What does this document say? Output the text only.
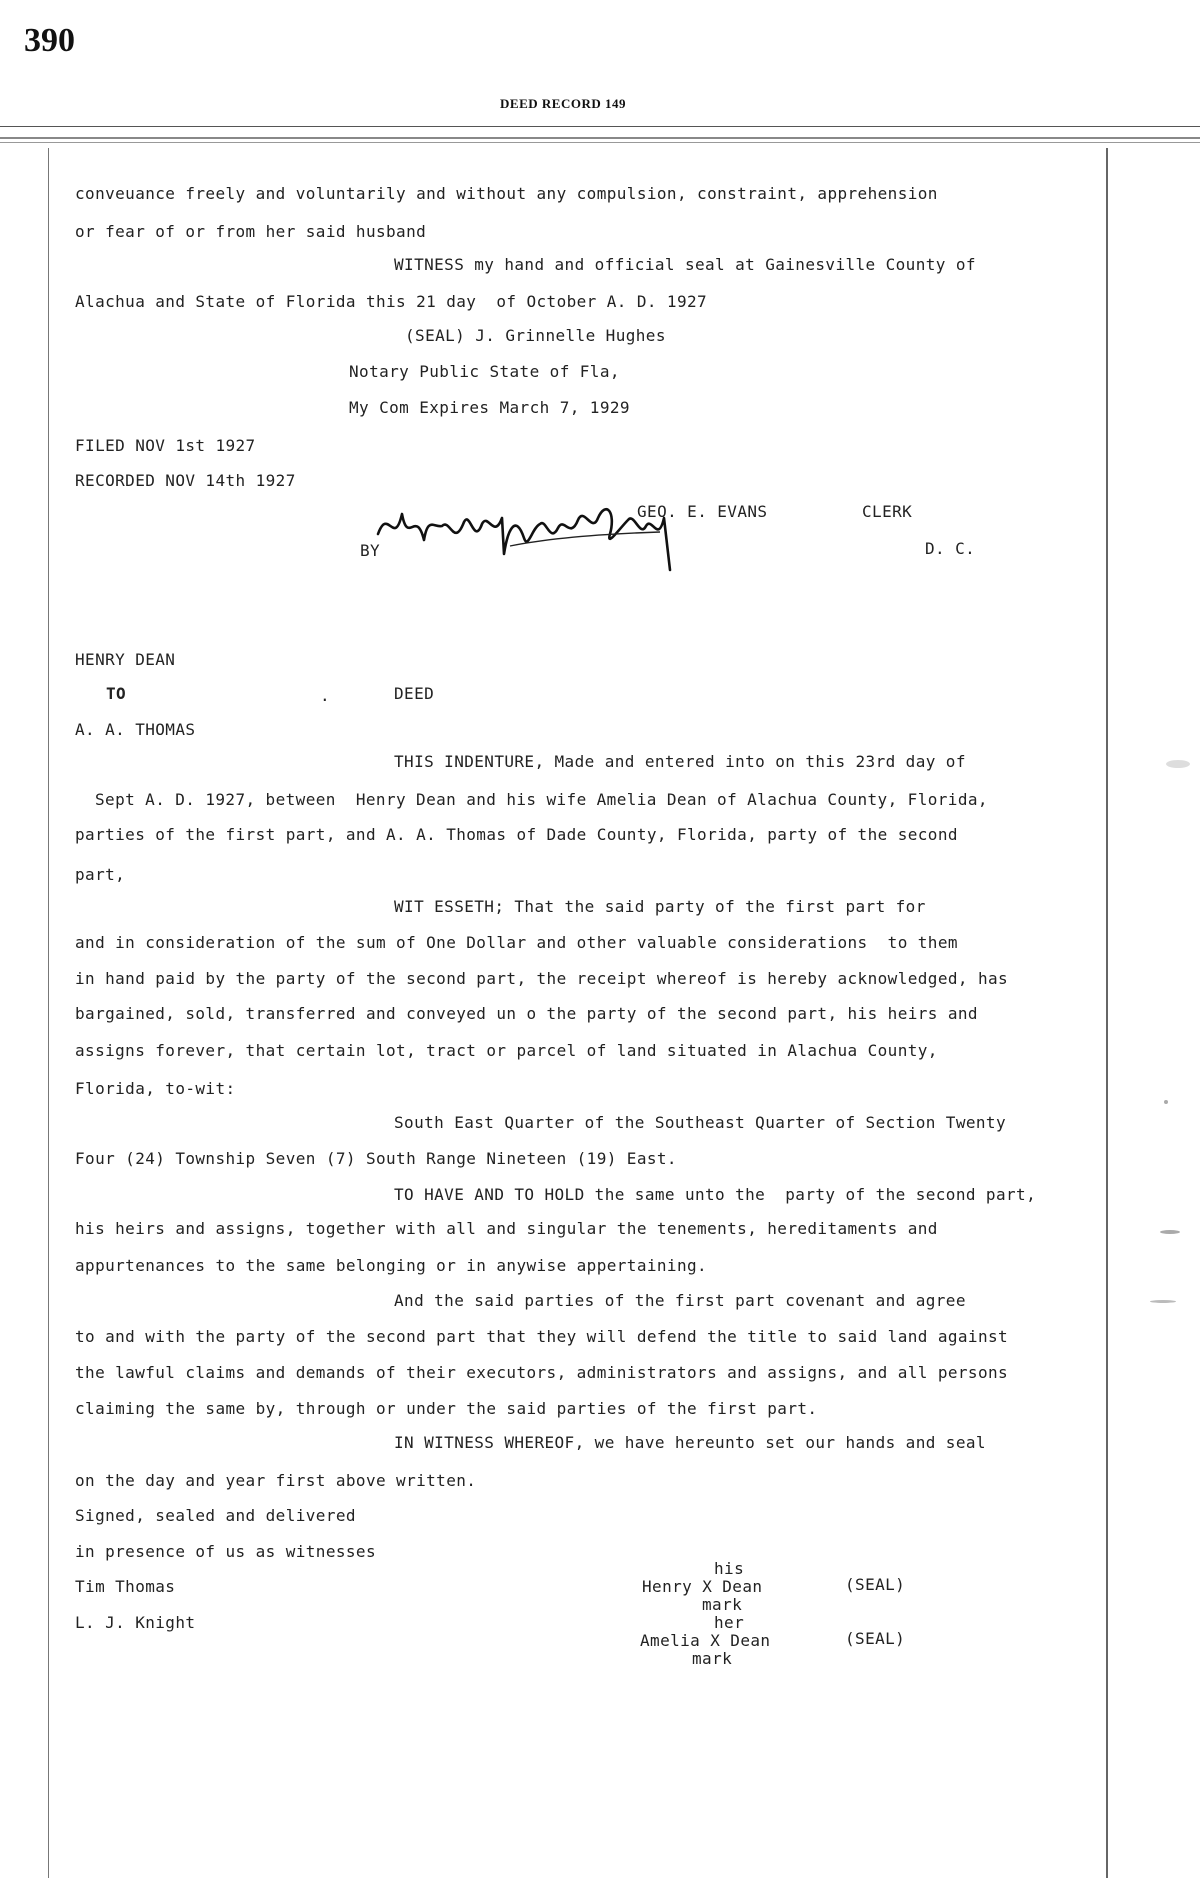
390
DEED RECORD 149
conveuance freely and voluntarily and without any compulsion, constraint, apprehension
or fear of or from her said husband
WITNESS my hand and official seal at Gainesville County of
Alachua and State of Florida this 21 day  of October A. D. 1927
(SEAL) J. Grinnelle Hughes
Notary Public State of Fla,
My Com Expires March 7, 1929
FILED NOV 1st 1927
RECORDED NOV 14th 1927
GEO. E. EVANS	CLERK
BY	D. C.
HENRY DEAN
TO	.	DEED
A. A. THOMAS
THIS INDENTURE, Made and entered into on this 23rd day of
Sept A. D. 1927, between  Henry Dean and his wife Amelia Dean of Alachua County, Florida,
parties of the first part, and A. A. Thomas of Dade County, Florida, party of the second
part,
WIT ESSETH; That the said party of the first part for
and in consideration of the sum of One Dollar and other valuable considerations  to them
in hand paid by the party of the second part, the receipt whereof is hereby acknowledged, has
bargained, sold, transferred and conveyed un o the party of the second part, his heirs and
assigns forever, that certain lot, tract or parcel of land situated in Alachua County,
Florida, to-wit:
South East Quarter of the Southeast Quarter of Section Twenty
Four (24) Township Seven (7) South Range Nineteen (19) East.
TO HAVE AND TO HOLD the same unto the  party of the second part,
his heirs and assigns, together with all and singular the tenements, hereditaments and
appurtenances to the same belonging or in anywise appertaining.
And the said parties of the first part covenant and agree
to and with the party of the second part that they will defend the title to said land against
the lawful claims and demands of their executors, administrators and assigns, and all persons
claiming the same by, through or under the said parties of the first part.
IN WITNESS WHEREOF, we have hereunto set our hands and seal
on the day and year first above written.
Signed, sealed and delivered
in presence of us as witnesses
Tim Thomas
L. J. Knight
his
Henry X Dean	(SEAL)
mark
her
Amelia X Dean	(SEAL)
mark
